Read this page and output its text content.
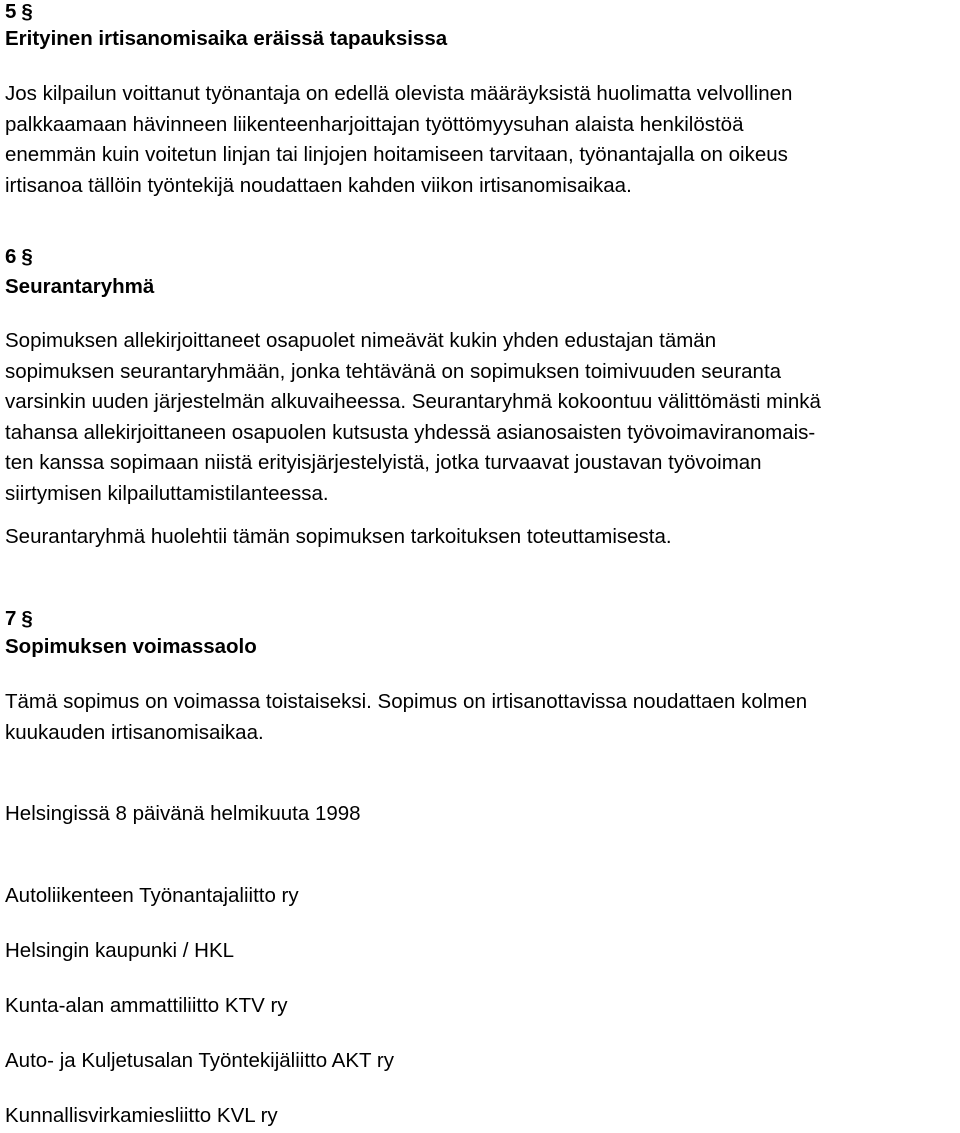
5 §
Erityinen irtisanomisaika eräissä tapauksissa
Jos kilpailun voittanut työnantaja on edellä olevista määräyksistä huolimatta velvollinen
palkkaamaan hävinneen liikenteenharjoittajan työttömyysuhan alaista henkilöstöä
enemmän kuin voitetun linjan tai linjojen hoitamiseen tarvitaan, työnantajalla on oikeus
irtisanoa tällöin työntekijä noudattaen kahden viikon irtisanomisaikaa.
6 §
Seurantaryhmä
Sopimuksen allekirjoittaneet osapuolet nimeävät kukin yhden edustajan tämän
sopimuksen seurantaryhmään, jonka tehtävänä on sopimuksen toimivuuden seuranta
varsinkin uuden järjestelmän alkuvaiheessa. Seurantaryhmä kokoontuu välittömästi minkä
tahansa allekirjoittaneen osapuolen kutsusta yhdessä asianosaisten työvoimaviranomais-
ten kanssa sopimaan niistä erityisjärjestelyistä, jotka turvaavat joustavan työvoiman
siirtymisen kilpailuttamistilanteessa.
Seurantaryhmä huolehtii tämän sopimuksen tarkoituksen toteuttamisesta.
7 §
Sopimuksen voimassaolo
Tämä sopimus on voimassa toistaiseksi. Sopimus on irtisanottavissa noudattaen kolmen
kuukauden irtisanomisaikaa.
Helsingissä 8 päivänä helmikuuta 1998
Autoliikenteen Työnantajaliitto ry
Helsingin kaupunki / HKL
Kunta-alan ammattiliitto KTV ry
Auto- ja Kuljetusalan Työntekijäliitto AKT ry
Kunnallisvirkamiesliitto KVL ry
